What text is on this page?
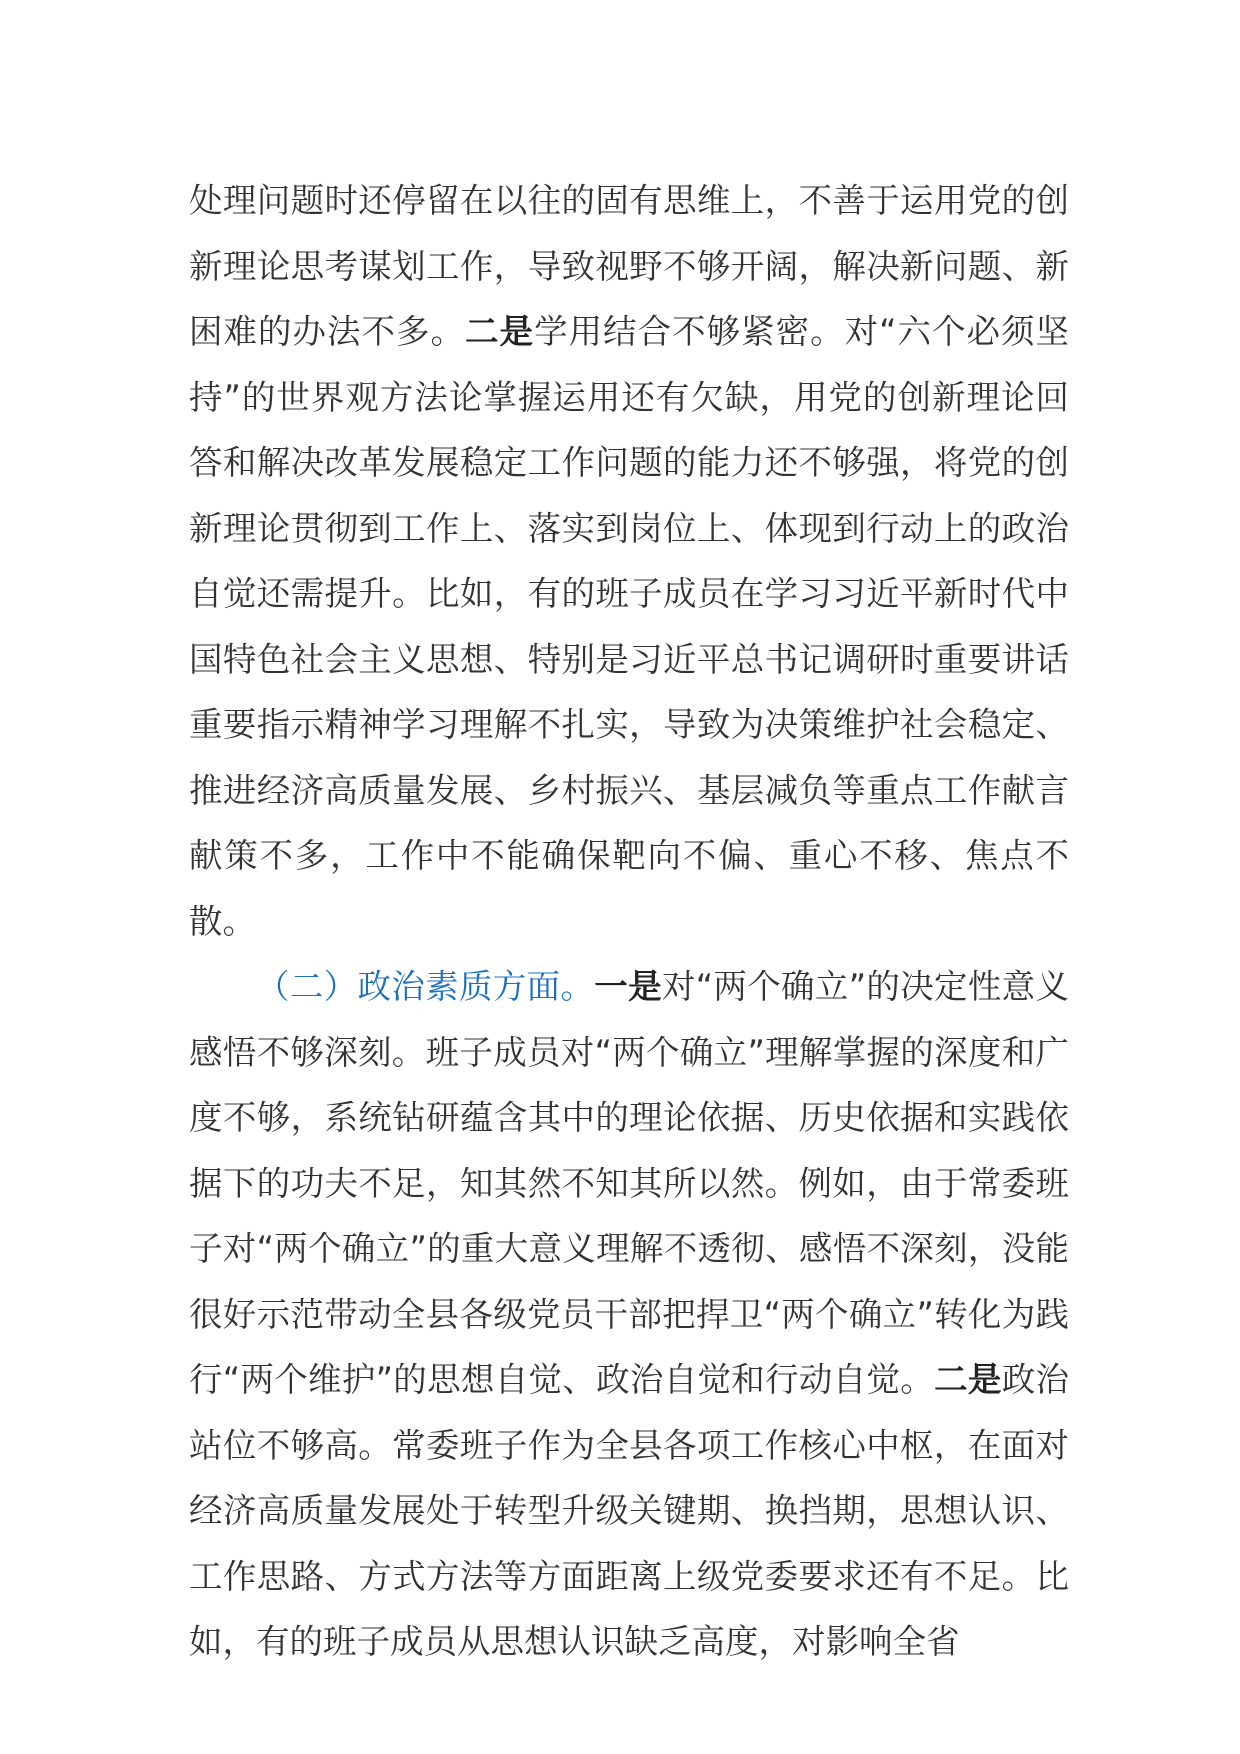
处理问题时还停留在以往的固有思维上，不善于运用党的创新理论思考谋划工作，导致视野不够开阔，解决新问题、新困难的办法不多。二是学用结合不够紧密。对“六个必须坚持”的世界观方法论掌握运用还有欠缺，用党的创新理论回答和解决改革发展稳定工作问题的能力还不够强，将党的创新理论贯彻到工作上、落实到岗位上、体现到行动上的政治自觉还需提升。比如，有的班子成员在学习习近平新时代中国特色社会主义思想、特别是习近平总书记调研时重要讲话重要指示精神学习理解不扎实，导致为决策维护社会稳定、推进经济高质量发展、乡村振兴、基层减负等重点工作献言献策不多，工作中不能确保靶向不偏、重心不移、焦点不散。

（二）政治素质方面。一是对“两个确立”的决定性意义感悟不够深刻。班子成员对“两个确立”理解掌握的深度和广度不够，系统钻研蕴含其中的理论依据、历史依据和实践依据下的功夫不足，知其然不知其所以然。例如，由于常委班子对“两个确立”的重大意义理解不透彻、感悟不深刻，没能很好示范带动全县各级党员干部把捍卫“两个确立”转化为践行“两个维护”的思想自觉、政治自觉和行动自觉。二是政治站位不够高。常委班子作为全县各项工作核心中枢，在面对经济高质量发展处于转型升级关键期、换挡期，思想认识、工作思路、方式方法等方面距离上级党委要求还有不足。比如，有的班子成员从思想认识缺乏高度，对影响全省
